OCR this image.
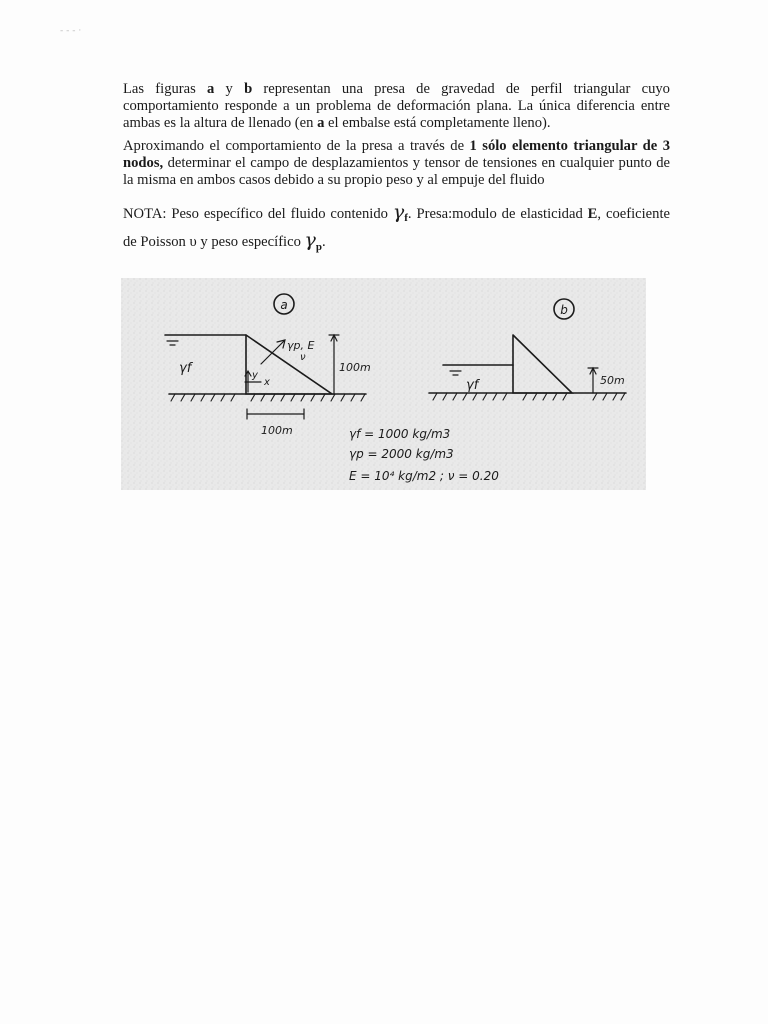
‐ ‐ ‐ ·

Las figuras a y b representan una presa de gravedad de perfil triangular cuyo comportamiento responde a un problema de deformación plana. La única diferencia entre ambas es la altura de llenado (en a el embalse está completamente lleno).

Aproximando el comportamiento de la presa a través de 1 sólo elemento triangular de 3 nodos, determinar el campo de desplazamientos y tensor de tensiones en cualquier punto de la misma en ambos casos debido a su propio peso y al empuje del fluido

NOTA: Peso específico del fluido contenido $\gamma_f$. Presa:modulo de elasticidad E, coeficiente de Poisson υ y peso específico $\gamma_p$.

a	b
γf
γp, E
ν
100m
y
x
100m
γf	50m
γf = 1000 kg/m3
γp = 2000 kg/m3
E = 10⁴ kg/m2 ; ν = 0.20
